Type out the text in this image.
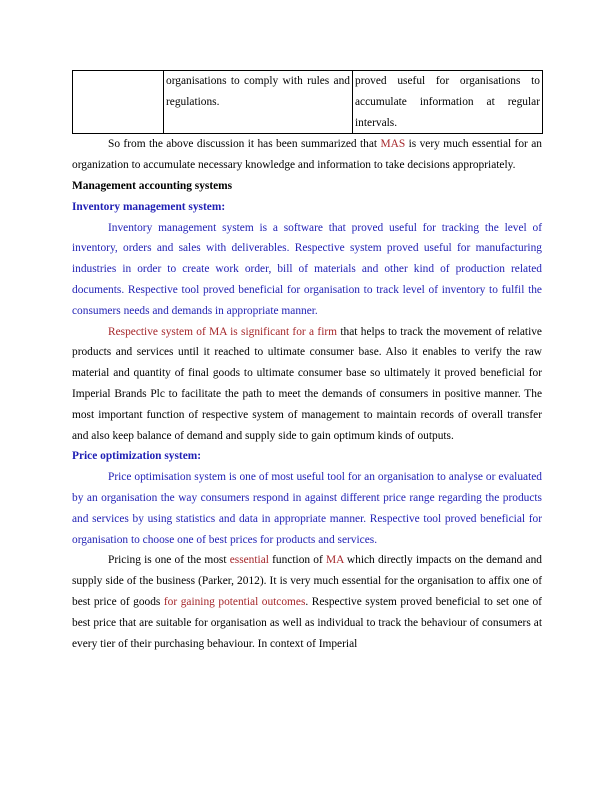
	organisations to comply with rules and regulations.	proved useful for organisations to accumulate information at regular intervals.

So from the above discussion it has been summarized that MAS is very much essential for an organization to accumulate necessary knowledge and information to take decisions appropriately.

Management accounting systems

Inventory management system:

Inventory management system is a software that proved useful for tracking the level of inventory, orders and sales with deliverables. Respective system proved useful for manufacturing industries in order to create work order, bill of materials and other kind of production related documents. Respective tool proved beneficial for organisation to track level of inventory to fulfil the consumers needs and demands in appropriate manner.

Respective system of MA is significant for a firm that helps to track the movement of relative products and services until it reached to ultimate consumer base. Also it enables to verify the raw material and quantity of final goods to ultimate consumer base so ultimately it proved beneficial for Imperial Brands Plc to facilitate the path to meet the demands of consumers in positive manner. The most important function of respective system of management to maintain records of overall transfer and also keep balance of demand and supply side to gain optimum kinds of outputs.

Price optimization system:

Price optimisation system is one of most useful tool for an organisation to analyse or evaluated by an organisation the way consumers respond in against different price range regarding the products and services by using statistics and data in appropriate manner. Respective tool proved beneficial for organisation to choose one of best prices for products and services.

Pricing is one of the most essential function of MA which directly impacts on the demand and supply side of the business (Parker, 2012). It is very much essential for the organisation to affix one of best price of goods for gaining potential outcomes. Respective system proved beneficial to set one of best price that are suitable for organisation as well as individual to track the behaviour of consumers at every tier of their purchasing behaviour. In context of Imperial
